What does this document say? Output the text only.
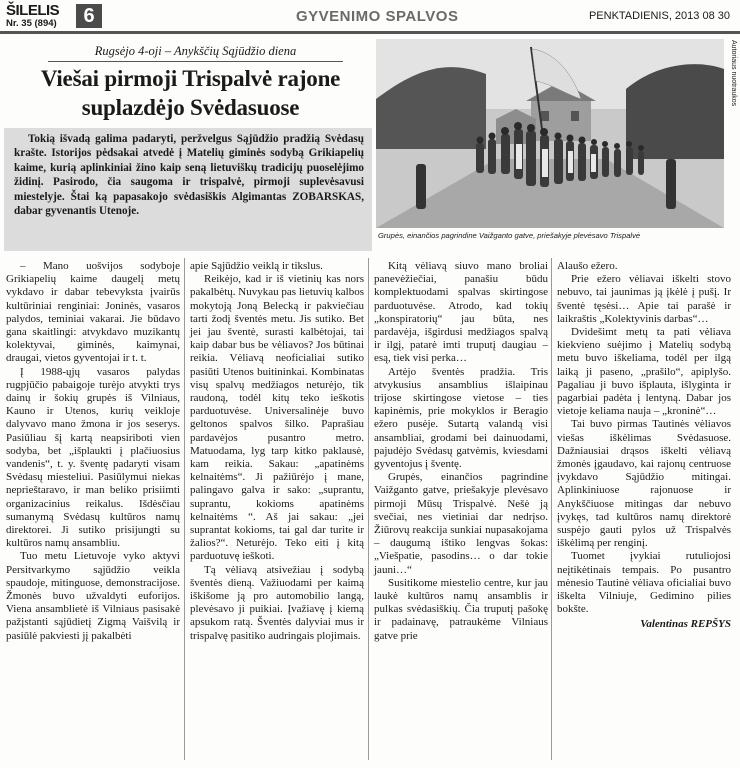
ŠILELIS
Nr. 35 (894)	6	GYVENIMO SPALVOS	PENKTADIENIS, 2013 08 30
Rugsėjo 4-oji – Anykščių Sąjūdžio diena
Viešai pirmoji Trispalvė rajone suplazdėjo Svėdasuose

Tokią išvadą galima padaryti, peržvelgus Sąjūdžio pradžią Svėdasų krašte. Istorijos pėdsakai atvedė į Matelių giminės sodybą Grikiapelių kaime, kurią aplinkiniai žino kaip seną lietuviškų tradicijų puoselėjimo židinį. Pasirodo, čia saugoma ir trispalvė, pirmoji suplevėsavusi miestelyje. Štai ką papasakojo svėdasiškis Algimantas ZOBARSKAS, dabar gyvenantis Utenoje.

Autoriaus nuotraukos
Grupės, einančios pagrindine Vaižganto gatve, priešakyje plevėsavo Trispalvė

– Mano uošvijos sodyboje Grikiapelių kaime daugelį metų vykdavo ir dabar tebevyksta įvairūs kultūriniai renginiai: Joninės, vasaros palydos, teminiai vakarai. Jie būdavo gana skaitlingi: atvykdavo muzikantų kolektyvai, giminės, kaimynai, draugai, vietos gyventojai ir t. t.

Į 1988-ųjų vasaros palydas rugpjūčio pabaigoje turėjo atvykti trys dainų ir šokių grupės iš Vilniaus, Kauno ir Utenos, kurių veikloje dalyvavo mano žmona ir jos seserys. Pasiūliau šį kartą neapsiriboti vien sodyba, bet „išplaukti į plačiuosius vandenis“, t. y. šventę padaryti visam Svėdasų miesteliui. Pasiūlymui niekas neprieštaravo, ir man beliko prisiimti organizacinius reikalus. Išdėsčiau sumanymą Svėdasų kultūros namų direktorei. Ji sutiko prisijungti su kultūros namų ansambliu.

Tuo metu Lietuvoje vyko aktyvi Persitvarkymo sąjūdžio veikla spaudoje, mitinguose, demonstracijose. Žmonės buvo užvaldyti euforijos. Viena ansamblietė iš Vilniaus pasisakė pažįstanti sąjūdietį Zigmą Vaišvilą ir pasiūlė pakviesti jį pakalbėti

apie Sąjūdžio veiklą ir tikslus.

Reikėjo, kad ir iš vietinių kas nors pakalbėtų. Nuvykau pas lietuvių kalbos mokytoją Joną Belecką ir pakviečiau tarti žodį šventės metu. Jis sutiko. Bet jei jau šventė, surasti kalbėtojai, tai kaip dabar bus be vėliavos? Jos būtinai reikia. Vėliavą neoficialiai sutiko pasiūti Utenos buitininkai. Kombinatas visų spalvų medžiagos neturėjo, tik raudoną, todėl kitų teko ieškotis parduotuvėse. Universalinėje buvo geltonos spalvos šilko. Paprašiau pardavėjos pusantro metro. Matuodama, lyg tarp kitko paklausė, kam reikia. Sakau: „apatinėms kelnaitėms“. Ji pažiūrėjo į mane, palingavo galva ir sako: „suprantu, suprantu, kokioms apatinėms kelnaitėms “. Aš jai sakau: „jei suprantat kokioms, tai gal dar turite ir žalios?“. Neturėjo. Teko eiti į kitą parduotuvę ieškoti.

Tą vėliavą atsivežiau į sodybą šventės dieną. Važiuodami per kaimą iškišome ją pro automobilio langą, plevėsavo ji puikiai. Įvažiavę į kiemą apsukom ratą. Šventės dalyviai mus ir trispalvę pasitiko audringais plojimais.

Kitą vėliavą siuvo mano broliai panevėžiečiai, panašiu būdu komplektuodami spalvas skirtingose parduotuvėse. Atrodo, kad tokių „konspiratorių“ jau būta, nes pardavėja, išgirdusi medžiagos spalvą ir ilgį, patarė imti truputį daugiau – esą, tiek visi perka…

Artėjo šventės pradžia. Tris atvykusius ansamblius išlaipinau trijose skirtingose vietose – ties kapinėmis, prie mokyklos ir Beragio ežero pusėje. Sutartą valandą visi ansambliai, grodami bei dainuodami, pajudėjo Svėdasų gatvėmis, kviesdami gyventojus į šventę.

Grupės, einančios pagrindine Vaižganto gatve, priešakyje plevėsavo pirmoji Mūsų Trispalvė. Nešė ją svečiai, nes vietiniai dar nedrįso. Žiūrovų reakcija sunkiai nupasakojama – daugumą ištiko lengvas šokas: „Viešpatie, pasodins… o dar tokie jauni…“

Susitikome miestelio centre, kur jau laukė kultūros namų ansamblis ir pulkas svėdasiškių. Čia truputį pašokę ir padainavę, patraukėme Vilniaus gatve prie

Alaušo ežero.

Prie ežero vėliavai iškelti stovo nebuvo, tai jaunimas ją įkėlė į pušį. Ir šventė tęsėsi… Apie tai parašė ir laikraštis „Kolektyvinis darbas“…

Dvidešimt metų ta pati vėliava kiekvieno suėjimo į Matelių sodybą metu buvo iškeliama, todėl per ilgą laiką ji paseno, „prašilo“, apiplyšo. Pagaliau ji buvo išplauta, išlyginta ir pagarbiai padėta į lentyną. Dabar jos vietoje keliama nauja – „kroninė“…

Tai buvo pirmas Tautinės vėliavos viešas iškėlimas Svėdasuose. Dažniausiai drąsos iškelti vėliavą žmonės įgaudavo, kai rajonų centruose įvykdavo Sąjūdžio mitingai. Aplinkiniuose rajonuose ir Anykščiuose mitingas dar nebuvo įvykęs, tad kultūros namų direktorė suspėjo gauti pylos už Trispalvės iškėlimą per renginį.

Tuomet įvykiai rutuliojosi neįtikėtinais tempais. Po pusantro mėnesio Tautinė vėliava oficialiai buvo iškelta Vilniuje, Gedimino pilies bokšte.

Valentinas REPŠYS
